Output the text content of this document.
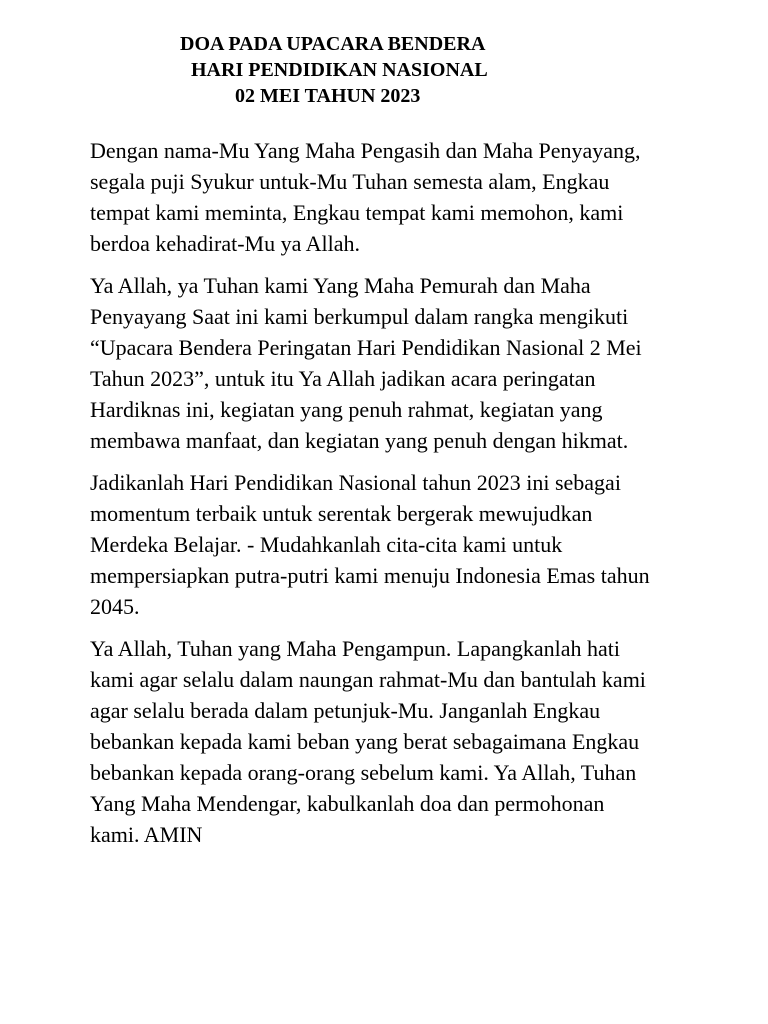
DOA PADA UPACARA BENDERA
HARI PENDIDIKAN NASIONAL
02 MEI TAHUN 2023

Dengan nama-Mu Yang Maha Pengasih dan Maha Penyayang,
segala puji Syukur untuk-Mu Tuhan semesta alam, Engkau
tempat kami meminta, Engkau tempat kami memohon, kami
berdoa kehadirat-Mu ya Allah.

Ya Allah, ya Tuhan kami Yang Maha Pemurah dan Maha
Penyayang Saat ini kami berkumpul dalam rangka mengikuti
“Upacara Bendera Peringatan Hari Pendidikan Nasional 2 Mei
Tahun 2023”, untuk itu Ya Allah jadikan acara peringatan
Hardiknas ini, kegiatan yang penuh rahmat, kegiatan yang
membawa manfaat, dan kegiatan yang penuh dengan hikmat.

Jadikanlah Hari Pendidikan Nasional tahun 2023 ini sebagai
momentum terbaik untuk serentak bergerak mewujudkan
Merdeka Belajar. - Mudahkanlah cita-cita kami untuk
mempersiapkan putra-putri kami menuju Indonesia Emas tahun
2045.

Ya Allah, Tuhan yang Maha Pengampun. Lapangkanlah hati
kami agar selalu dalam naungan rahmat-Mu dan bantulah kami
agar selalu berada dalam petunjuk-Mu. Janganlah Engkau
bebankan kepada kami beban yang berat sebagaimana Engkau
bebankan kepada orang-orang sebelum kami. Ya Allah, Tuhan
Yang Maha Mendengar, kabulkanlah doa dan permohonan
kami. AMIN
